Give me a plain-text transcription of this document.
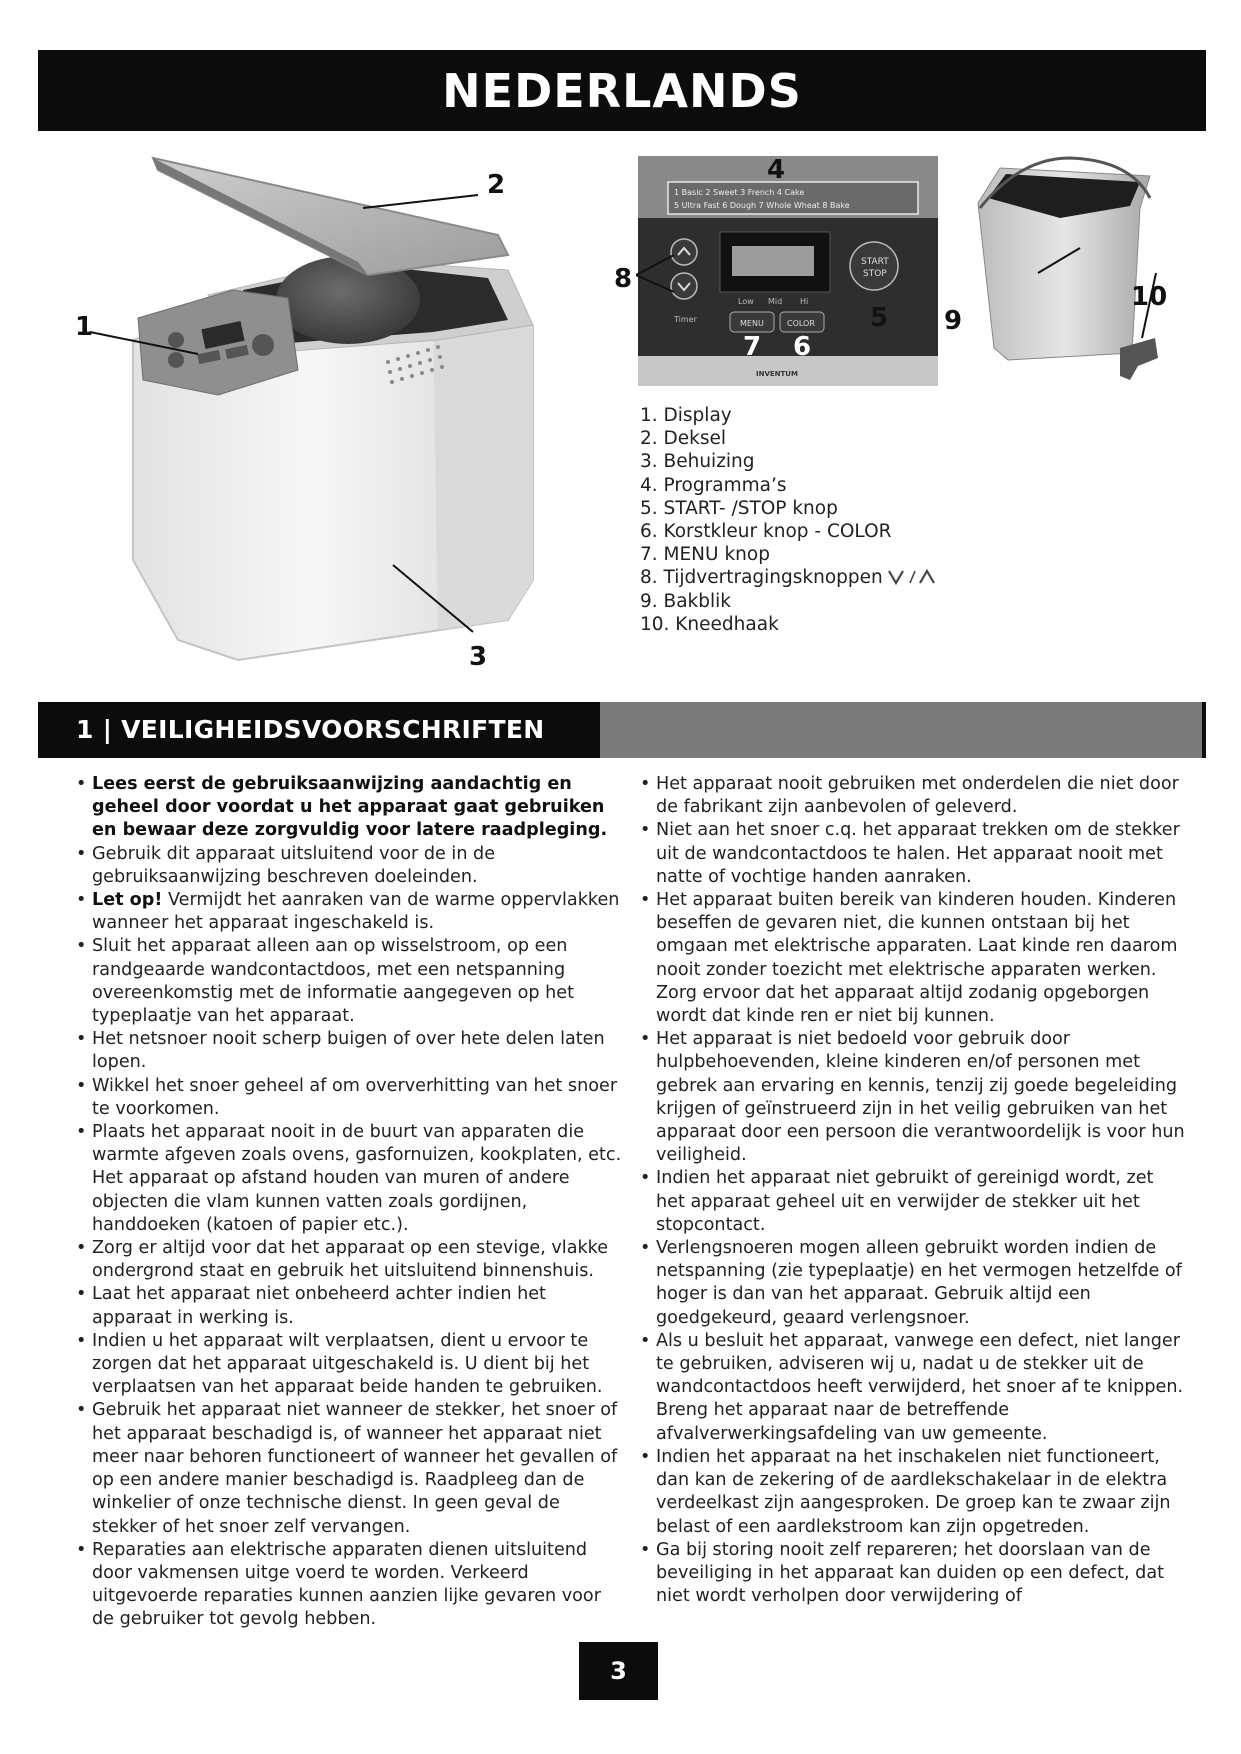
NEDERLANDS
1
2
3
1 Basic 2 Sweet 3 French 4 Cake
5 Ultra Fast 6 Dough 7 Whole Wheat 8 Bake
Timer
Low Mid Hi
MENU	COLOR
START
STOP
INVENTUM
4
5
6
7
8
9
10
1. Display
2. Deksel
3. Behuizing
4. Programma’s
5. START- /STOP knop
6. Korstkleur knop - COLOR
7. MENU knop
8. Tijdvertragingsknoppen
9. Bakblik
10. Kneedhaak
1 | VEILIGHEIDSVOORSCHRIFTEN
• Lees eerst de gebruiksaanwijzing aandachtig en geheel door voordat u het apparaat gaat gebruiken en bewaar deze zorgvuldig voor latere raadpleging.
• Gebruik dit apparaat uitsluitend voor de in de gebruiksaanwijzing beschreven doeleinden.
• Let op! Vermijdt het aanraken van de warme oppervlakken wanneer het apparaat ingeschakeld is.
• Sluit het apparaat alleen aan op wisselstroom, op een randgeaarde wandcontactdoos, met een netspanning overeenkomstig met de informatie aangegeven op het typeplaatje van het apparaat.
• Het netsnoer nooit scherp buigen of over hete delen laten lopen.
• Wikkel het snoer geheel af om oververhitting van het snoer te voorkomen.
• Plaats het apparaat nooit in de buurt van apparaten die warmte afgeven zoals ovens, gasfornuizen, kookplaten, etc. Het apparaat op afstand houden van muren of andere objecten die vlam kunnen vatten zoals gordijnen, handdoeken (katoen of papier etc.).
• Zorg er altijd voor dat het apparaat op een stevige, vlakke ondergrond staat en gebruik het uitsluitend binnenshuis.
• Laat het apparaat niet onbeheerd achter indien het apparaat in werking is.
• Indien u het apparaat wilt verplaatsen, dient u ervoor te zorgen dat het apparaat uitgeschakeld is. U dient bij het verplaatsen van het apparaat beide handen te gebruiken.
• Gebruik het apparaat niet wanneer de stekker, het snoer of het apparaat beschadigd is, of wanneer het apparaat niet meer naar behoren functioneert of wanneer het gevallen of op een andere manier beschadigd is. Raadpleeg dan de winkelier of onze technische dienst. In geen geval de stekker of het snoer zelf vervangen.
• Reparaties aan elektrische apparaten dienen uitsluitend door vakmensen uitge voerd te worden. Verkeerd uitgevoerde reparaties kunnen aanzien lijke gevaren voor de gebruiker tot gevolg hebben.
• Het apparaat nooit gebruiken met onderdelen die niet door de fabrikant zijn aanbevolen of geleverd.
• Niet aan het snoer c.q. het apparaat trekken om de stekker uit de wandcontactdoos te halen. Het apparaat nooit met natte of vochtige handen aanraken.
• Het apparaat buiten bereik van kinderen houden. Kinderen beseffen de gevaren niet, die kunnen ontstaan bij het omgaan met elektrische apparaten. Laat kinde ren daarom nooit zonder toezicht met elektrische apparaten werken. Zorg ervoor dat het apparaat altijd zodanig opgeborgen wordt dat kinde ren er niet bij kunnen.
• Het apparaat is niet bedoeld voor gebruik door hulpbehoevenden, kleine kinderen en/of personen met gebrek aan ervaring en kennis, tenzij zij goede begeleiding krijgen of geïnstrueerd zijn in het veilig gebruiken van het apparaat door een persoon die verantwoordelijk is voor hun veiligheid.
• Indien het apparaat niet gebruikt of gereinigd wordt, zet het apparaat geheel uit en verwijder de stekker uit het stopcontact.
• Verlengsnoeren mogen alleen gebruikt worden indien de netspanning (zie typeplaatje) en het vermogen hetzelfde of hoger is dan van het apparaat. Gebruik altijd een goedgekeurd, geaard verlengsnoer.
• Als u besluit het apparaat, vanwege een defect, niet langer te gebruiken, adviseren wij u, nadat u de stekker uit de wandcontactdoos heeft verwijderd, het snoer af te knippen. Breng het apparaat naar de betreffende afvalverwerkingsafdeling van uw gemeente.
• Indien het apparaat na het inschakelen niet functioneert, dan kan de zekering of de aardlekschakelaar in de elektra verdeelkast zijn aangesproken. De groep kan te zwaar zijn belast of een aardlekstroom kan zijn opgetreden.
• Ga bij storing nooit zelf repareren; het doorslaan van de beveiliging in het apparaat kan duiden op een defect, dat niet wordt verholpen door verwijdering of
3
